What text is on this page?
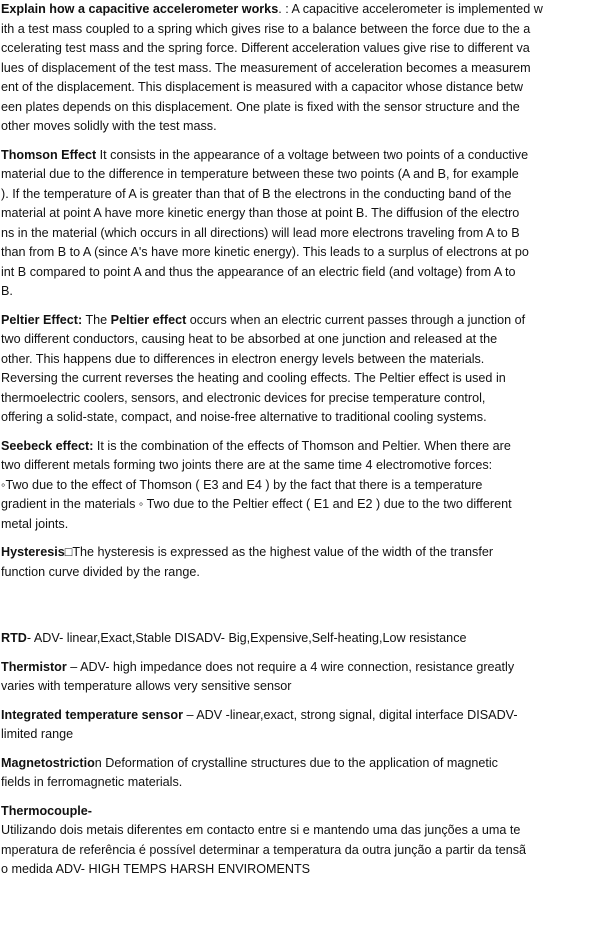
Explain how a capacitive accelerometer works. : A capacitive accelerometer is implemented w
ith a test mass coupled to a spring which gives rise to a balance between the force due to the a
ccelerating test mass and the spring force. Different acceleration values give rise to different va
lues of displacement of the test mass. The measurement of acceleration becomes a measurem
ent of the displacement. This displacement is measured with a capacitor whose distance betw
een plates depends on this displacement. One plate is fixed with the sensor structure and the
other moves solidly with the test mass.

Thomson Effect It consists in the appearance of a voltage between two points of a conductive
material due to the difference in temperature between these two points (A and B, for example
). If the temperature of A is greater than that of B the electrons in the conducting band of the
material at point A have more kinetic energy than those at point B. The diffusion of the electro
ns in the material (which occurs in all directions) will lead more electrons traveling from A to B
than from B to A (since A's have more kinetic energy). This leads to a surplus of electrons at po
int B compared to point A and thus the appearance of an electric field (and voltage) from A to
B.

Peltier Effect: The Peltier effect occurs when an electric current passes through a junction of
two different conductors, causing heat to be absorbed at one junction and released at the
other. This happens due to differences in electron energy levels between the materials.
Reversing the current reverses the heating and cooling effects. The Peltier effect is used in
thermoelectric coolers, sensors, and electronic devices for precise temperature control,
offering a solid-state, compact, and noise-free alternative to traditional cooling systems.

Seebeck effect: It is the combination of the effects of Thomson and Peltier. When there are
two different metals forming two joints there are at the same time 4 electromotive forces:
◦Two due to the effect of Thomson ( E3 and E4 ) by the fact that there is a temperature
gradient in the materials ◦ Two due to the Peltier effect ( E1 and E2 ) due to the two different
metal joints.

Hysteresis□The hysteresis is expressed as the highest value of the width of the transfer
function curve divided by the range.

RTD- ADV- linear,Exact,Stable DISADV- Big,Expensive,Self-heating,Low resistance

Thermistor – ADV- high impedance does not require a 4 wire connection, resistance greatly
varies with temperature allows very sensitive sensor

Integrated temperature sensor – ADV -linear,exact, strong signal, digital interface DISADV-
limited range

Magnetostriction Deformation of crystalline structures due to the application of magnetic
fields in ferromagnetic materials.

Thermocouple-
Utilizando dois metais diferentes em contacto entre si e mantendo uma das junções a uma te
mperatura de referência é possível determinar a temperatura da outra junção a partir da tensã
o medida ADV- HIGH TEMPS HARSH ENVIROMENTS
